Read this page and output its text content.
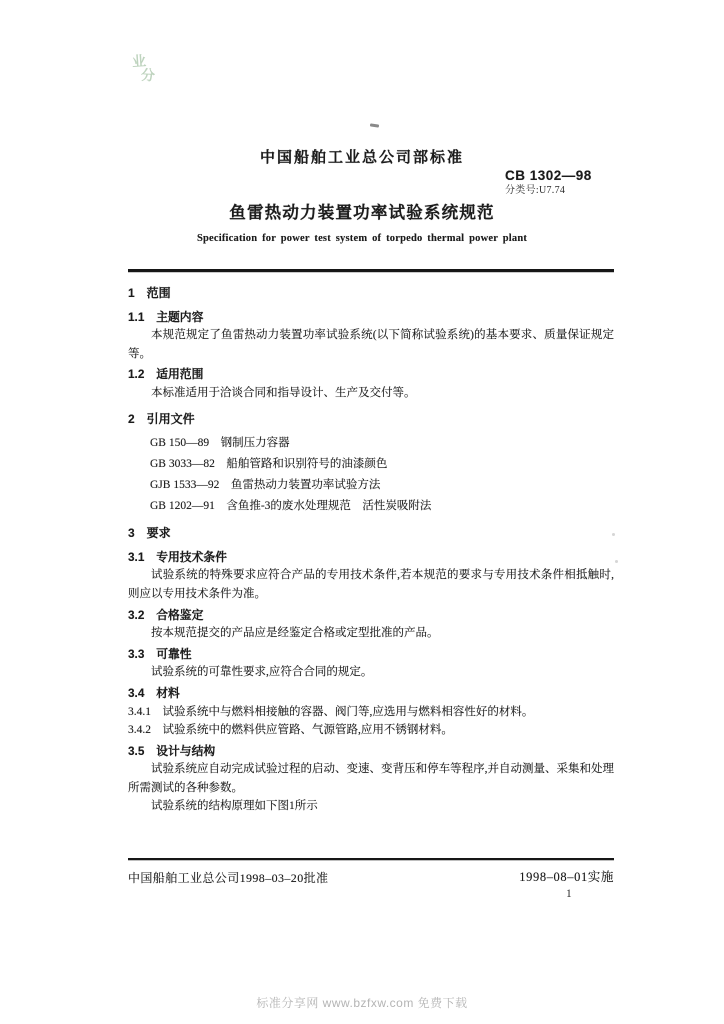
业
分
中国船舶工业总公司部标准
CB 1302—98
分类号:U7.74
鱼雷热动力装置功率试验系统规范
Specification for power test system of torpedo thermal power plant
1　范围
1.1　主题内容
本规范规定了鱼雷热动力装置功率试验系统(以下简称试验系统)的基本要求、质量保证规定等。
1.2　适用范围
本标准适用于洽谈合同和指导设计、生产及交付等。
2　引用文件
GB 150—89　钢制压力容器
GB 3033—82　船舶管路和识别符号的油漆颜色
GJB 1533—92　鱼雷热动力装置功率试验方法
GB 1202—91　含鱼推-3的废水处理规范　活性炭吸附法
3　要求
3.1　专用技术条件
试验系统的特殊要求应符合产品的专用技术条件,若本规范的要求与专用技术条件相抵触时,则应以专用技术条件为准。
3.2　合格鉴定
按本规范提交的产品应是经鉴定合格或定型批准的产品。
3.3　可靠性
试验系统的可靠性要求,应符合合同的规定。
3.4　材料
3.4.1　试验系统中与燃料相接触的容器、阀门等,应选用与燃料相容性好的材料。
3.4.2　试验系统中的燃料供应管路、气源管路,应用不锈钢材料。
3.5　设计与结构
试验系统应自动完成试验过程的启动、变速、变背压和停车等程序,并自动测量、采集和处理所需测试的各种参数。
试验系统的结构原理如下图1所示
中国船舶工业总公司1998–03–20批准	1998–08–01实施
1
标准分享网 www.bzfxw.com 免费下载
